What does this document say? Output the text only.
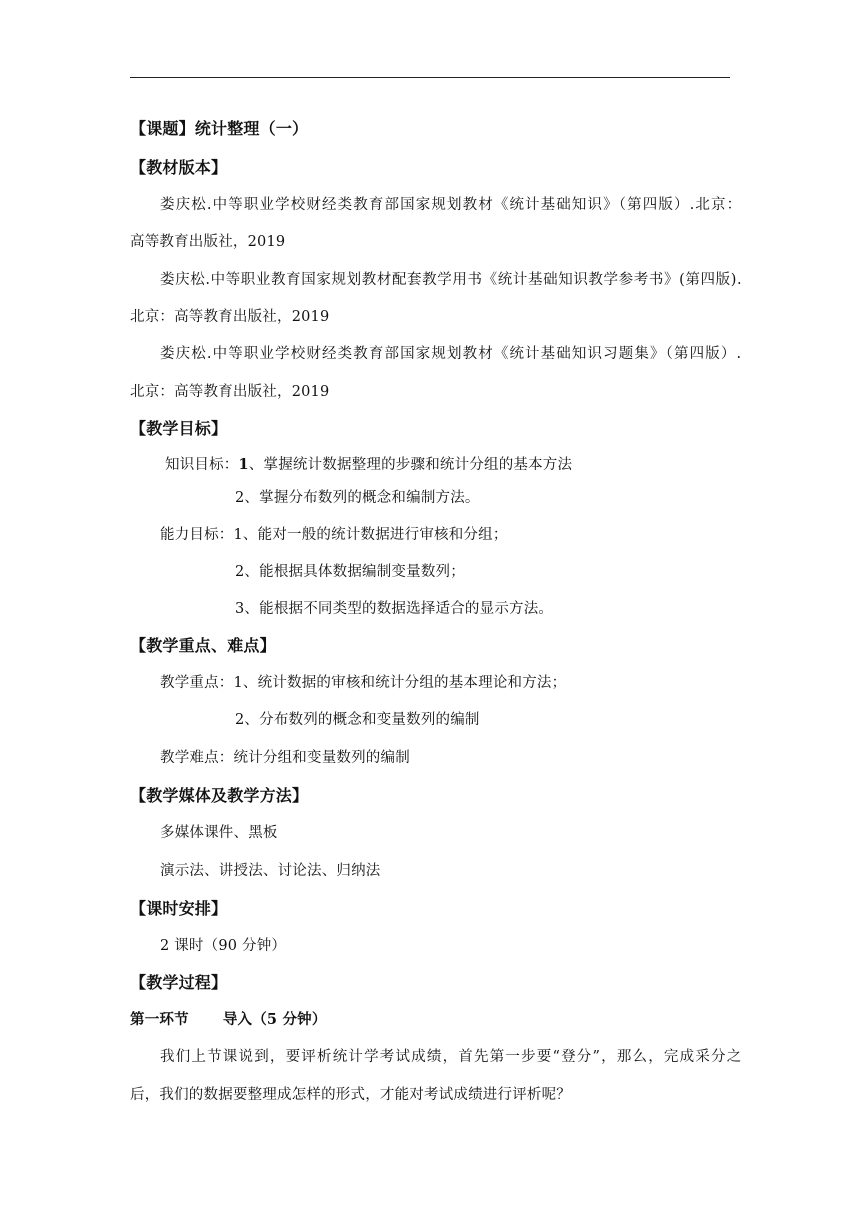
【课题】统计整理（一）
【教材版本】
娄庆松.中等职业学校财经类教育部国家规划教材《统计基础知识》（第四版）.北京：
高等教育出版社，2019
娄庆松.中等职业教育国家规划教材配套教学用书《统计基础知识教学参考书》(第四版).
北京：高等教育出版社，2019
娄庆松.中等职业学校财经类教育部国家规划教材《统计基础知识习题集》（第四版）.
北京：高等教育出版社，2019
【教学目标】
知识目标：1、掌握统计数据整理的步骤和统计分组的基本方法
2、掌握分布数列的概念和编制方法。
能力目标：1、能对一般的统计数据进行审核和分组；
2、能根据具体数据编制变量数列；
3、能根据不同类型的数据选择适合的显示方法。
【教学重点、难点】
教学重点：1、统计数据的审核和统计分组的基本理论和方法；
2、分布数列的概念和变量数列的编制
教学难点：统计分组和变量数列的编制
【教学媒体及教学方法】
多媒体课件、黑板
演示法、讲授法、讨论法、归纳法
【课时安排】
2 课时（90 分钟）
【教学过程】
第一环节 导入（5 分钟）
我们上节课说到，要评析统计学考试成绩，首先第一步要“登分”，那么，完成采分之
后，我们的数据要整理成怎样的形式，才能对考试成绩进行评析呢？
